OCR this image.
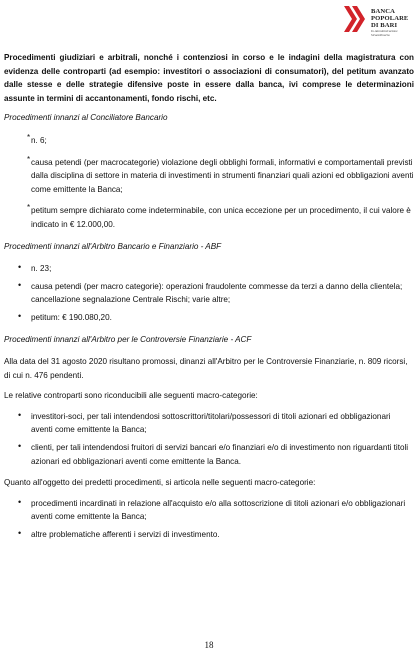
BANCA
POPOLARE
DI BARI
In Amministrazione
Straordinaria

Procedimenti giudiziari e arbitrali, nonché i contenziosi in corso e le indagini della magistratura con evidenza delle controparti (ad esempio: investitori o associazioni di consumatori), del petitum avanzato dalle stesse e delle strategie difensive poste in essere dalla banca, ivi comprese le determinazioni assunte in termini di accantonamenti, fondo rischi, etc.

Procedimenti innanzi al Conciliatore Bancario

* n. 6;
* causa petendi (per macrocategorie) violazione degli obblighi formali, informativi e comportamentali previsti dalla disciplina di settore in materia di investimenti in strumenti finanziari quali azioni ed obbligazioni aventi come emittente la Banca;
* petitum sempre dichiarato come indeterminabile, con unica eccezione per un procedimento, il cui valore è indicato in € 12.000,00.

Procedimenti innanzi all'Arbitro Bancario e Finanziario - ABF

• n. 23;
• causa petendi (per macro categorie): operazioni fraudolente commesse da terzi a danno della clientela; cancellazione segnalazione Centrale Rischi; varie altre;
• petitum: € 190.080,20.

Procedimenti innanzi all'Arbitro per le Controversie Finanziarie - ACF

Alla data del 31 agosto 2020 risultano promossi, dinanzi all'Arbitro per le Controversie Finanziarie, n. 809 ricorsi, di cui n. 476 pendenti.

Le relative controparti sono riconducibili alle seguenti macro-categorie:

• investitori-soci, per tali intendendosi sottoscrittori/titolari/possessori di titoli azionari ed obbligazionari aventi come emittente la Banca;
• clienti, per tali intendendosi fruitori di servizi bancari e/o finanziari e/o di investimento non riguardanti titoli azionari ed obbligazionari aventi come emittente la Banca.

Quanto all'oggetto dei predetti procedimenti, si articola nelle seguenti macro-categorie:

• procedimenti incardinati in relazione all'acquisto e/o alla sottoscrizione di titoli azionari e/o obbligazionari aventi come emittente la Banca;
• altre problematiche afferenti i servizi di investimento.
18
